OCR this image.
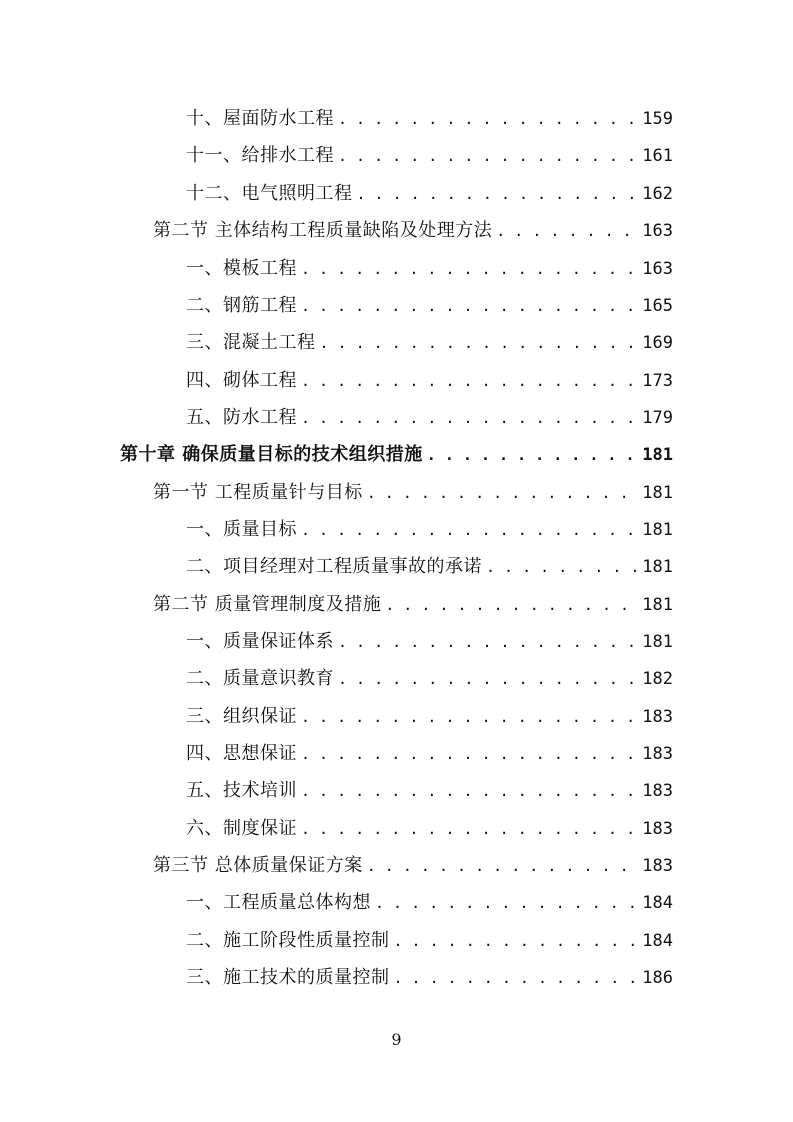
十、屋面防水工程 . . .	159
十一、给排水工程 . . .	161
十二、电气照明工程 . . .	162
第二节 主体结构工程质量缺陷及处理方法 . . .	163
一、模板工程 . . .	163
二、钢筋工程 . . .	165
三、混凝土工程 . . .	169
四、砌体工程 . . .	173
五、防水工程 . . .	179
第十章 确保质量目标的技术组织措施 . . .	181
第一节 工程质量针与目标 . . .	181
一、质量目标 . . .	181
二、项目经理对工程质量事故的承诺 . . .	181
第二节 质量管理制度及措施 . . .	181
一、质量保证体系 . . .	181
二、质量意识教育 . . .	182
三、组织保证 . . .	183
四、思想保证 . . .	183
五、技术培训 . . .	183
六、制度保证 . . .	183
第三节 总体质量保证方案 . . .	183
一、工程质量总体构想 . . .	184
二、施工阶段性质量控制 . . .	184
三、施工技术的质量控制 . . .	186
9
